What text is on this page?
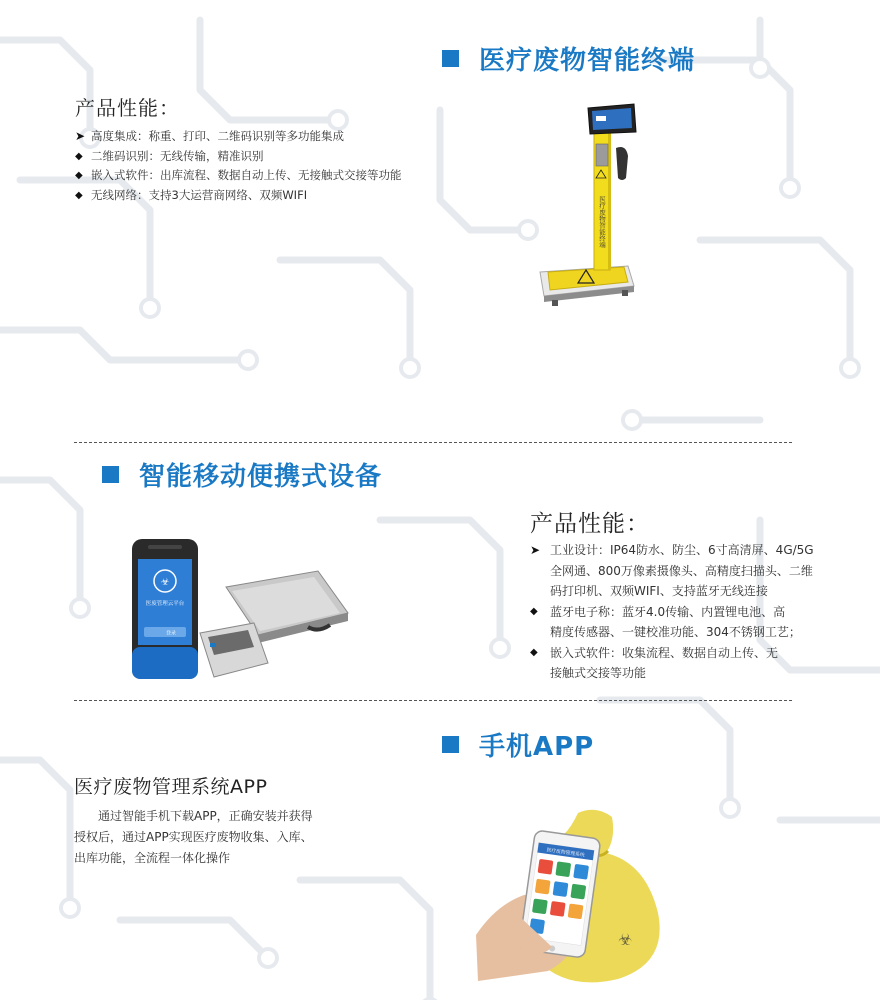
医疗废物智能终端
产品性能：
➤ 高度集成：称重、打印、二维码识别等多功能集成
◆ 二维码识别：无线传输，精准识别
◆ 嵌入式软件：出库流程、数据自动上传、无接触式交接等功能
◆ 无线网络：支持3大运营商网络、双频WIFI
医疗废物智能终端
智能移动便携式设备
产品性能：
➤ 工业设计：IP64防水、防尘、6寸高清屏、4G/5G
全网通、800万像素摄像头、高精度扫描头、二维
码打印机、双频WIFI、支持蓝牙无线连接
◆	蓝牙电子称：蓝牙4.0传输、内置锂电池、高
精度传感器、一键校准功能、304不锈钢工艺；
◆	嵌入式软件：收集流程、数据自动上传、无
接触式交接等功能
☣
医废管理云平台
登录
手机APP
医疗废物管理系统APP
通过智能手机下载APP，正确安装并获得授权后，通过APP实现医疗废物收集、入库、出库功能，全流程一体化操作
☣
医疗废物管理系统
